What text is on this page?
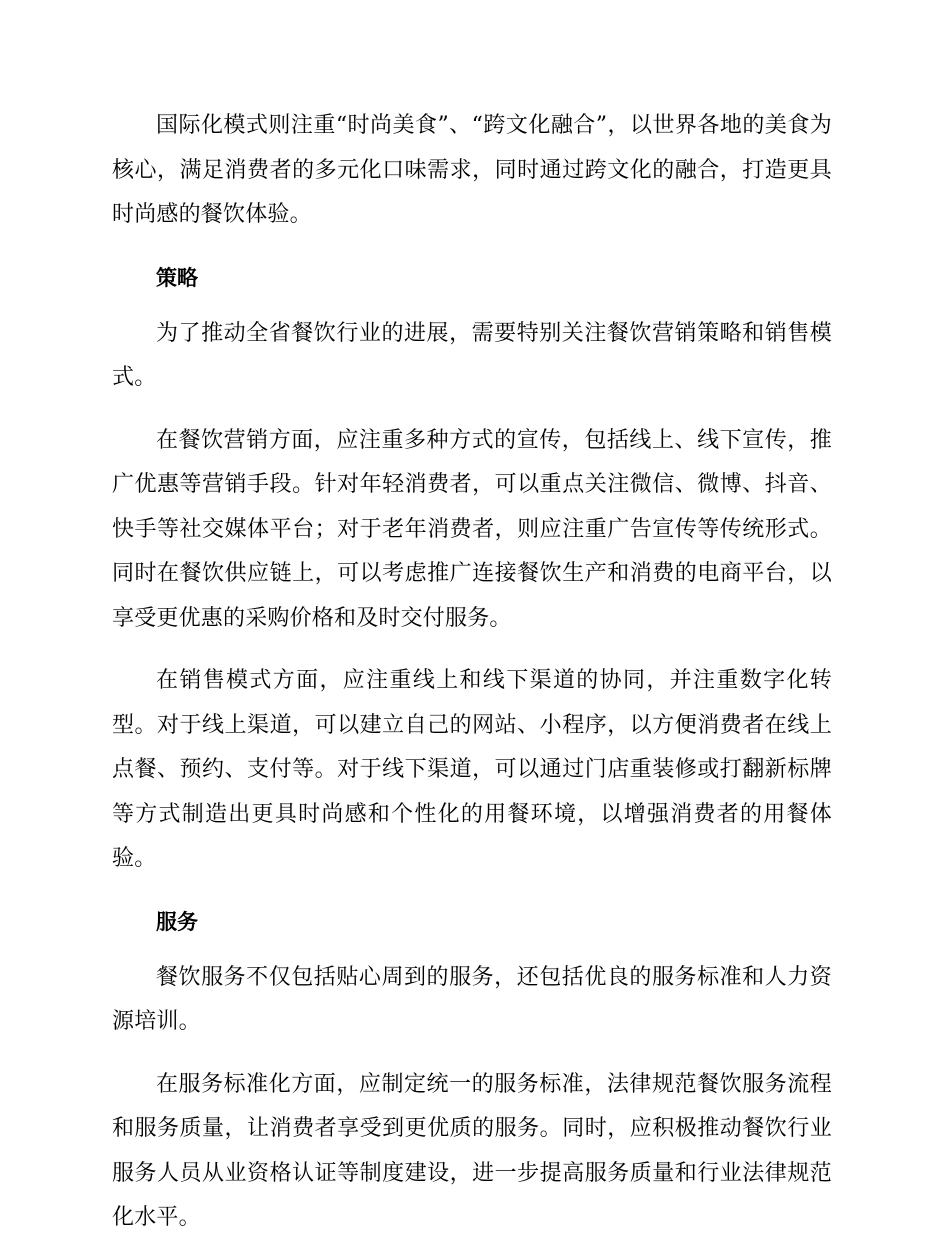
国际化模式则注重“时尚美食”、“跨文化融合”，以世界各地的美食为核心，满足消费者的多元化口味需求，同时通过跨文化的融合，打造更具时尚感的餐饮体验。

策略

为了推动全省餐饮行业的进展，需要特别关注餐饮营销策略和销售模式。

在餐饮营销方面，应注重多种方式的宣传，包括线上、线下宣传，推广优惠等营销手段。针对年轻消费者，可以重点关注微信、微博、抖音、快手等社交媒体平台；对于老年消费者，则应注重广告宣传等传统形式。同时在餐饮供应链上，可以考虑推广连接餐饮生产和消费的电商平台，以享受更优惠的采购价格和及时交付服务。

在销售模式方面，应注重线上和线下渠道的协同，并注重数字化转型。对于线上渠道，可以建立自己的网站、小程序，以方便消费者在线上点餐、预约、支付等。对于线下渠道，可以通过门店重装修或打翻新标牌等方式制造出更具时尚感和个性化的用餐环境，以增强消费者的用餐体验。

服务

餐饮服务不仅包括贴心周到的服务，还包括优良的服务标准和人力资源培训。

在服务标准化方面，应制定统一的服务标准，法律规范餐饮服务流程和服务质量，让消费者享受到更优质的服务。同时，应积极推动餐饮行业服务人员从业资格认证等制度建设，进一步提高服务质量和行业法律规范化水平。
